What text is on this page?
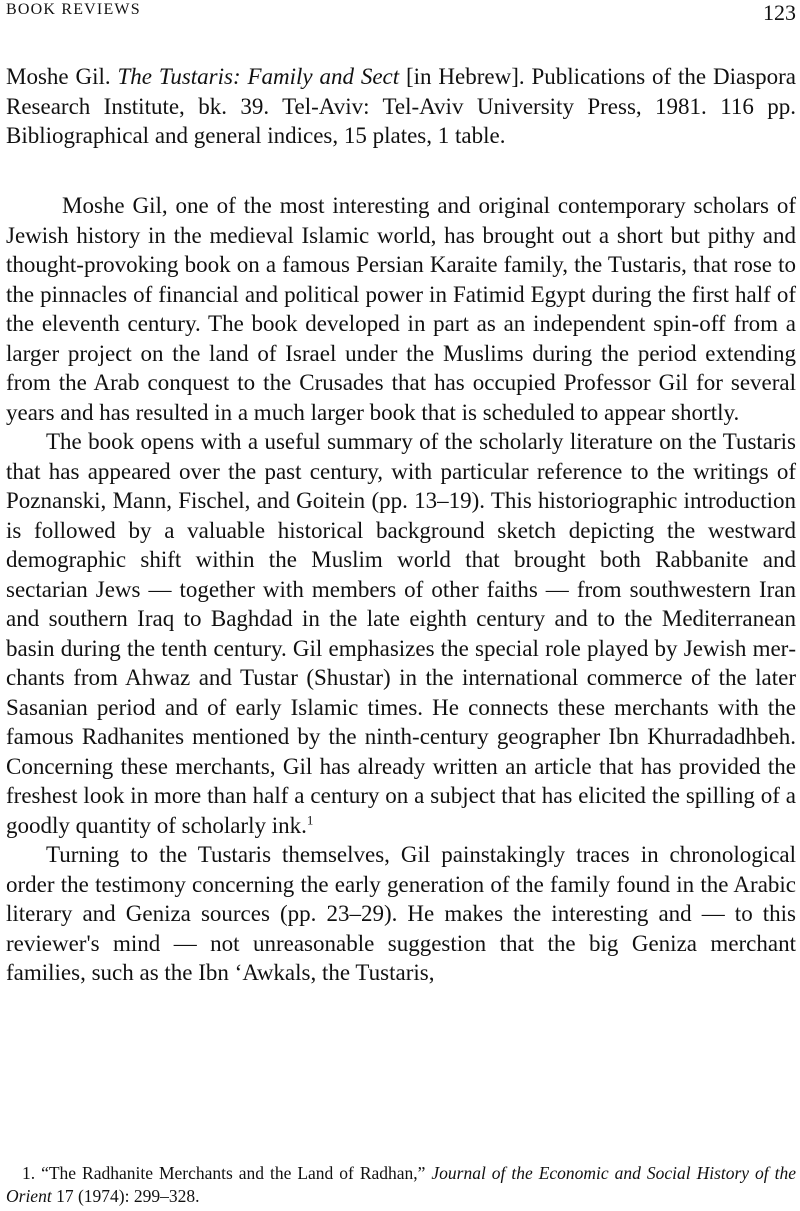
BOOK REVIEWS	123
Moshe Gil. The Tustaris: Family and Sect [in Hebrew]. Publications of the Diaspora Research Institute, bk. 39. Tel-Aviv: Tel-Aviv University Press, 1981. 116 pp. Bibliographical and general indices, 15 plates, 1 table.

Moshe Gil, one of the most interesting and original contemporary scholars of Jewish history in the medieval Islamic world, has brought out a short but pithy and thought-provoking book on a famous Persian Karaite family, the Tustaris, that rose to the pinnacles of financial and political power in Fatimid Egypt during the first half of the eleventh century. The book developed in part as an independent spin-off from a larger project on the land of Israel under the Muslims during the period extending from the Arab conquest to the Crusades that has occupied Professor Gil for several years and has resulted in a much larger book that is scheduled to appear shortly.

The book opens with a useful summary of the scholarly literature on the Tustaris that has appeared over the past century, with particular reference to the writings of Poznanski, Mann, Fischel, and Goitein (pp. 13–19). This historiographic introduction is followed by a valuable historical background sketch depicting the westward demographic shift within the Muslim world that brought both Rabbanite and sectarian Jews — together with members of other faiths — from southwestern Iran and southern Iraq to Baghdad in the late eighth century and to the Mediterranean basin during the tenth century. Gil emphasizes the special role played by Jewish merchants from Ahwaz and Tustar (Shustar) in the international commerce of the later Sasanian period and of early Islamic times. He connects these merchants with the famous Radhanites mentioned by the ninth-century geographer Ibn Khurradadhbeh. Concerning these merchants, Gil has already written an article that has provided the freshest look in more than half a century on a subject that has elicited the spilling of a goodly quantity of scholarly ink.$^1$

Turning to the Tustaris themselves, Gil painstakingly traces in chronological order the testimony concerning the early generation of the family found in the Arabic literary and Geniza sources (pp. 23–29). He makes the interesting and — to this reviewer's mind — not unreasonable suggestion that the big Geniza merchant families, such as the Ibn ‘Awkals, the Tustaris,

1. “The Radhanite Merchants and the Land of Radhan,” Journal of the Economic and Social History of the Orient 17 (1974): 299–328.
